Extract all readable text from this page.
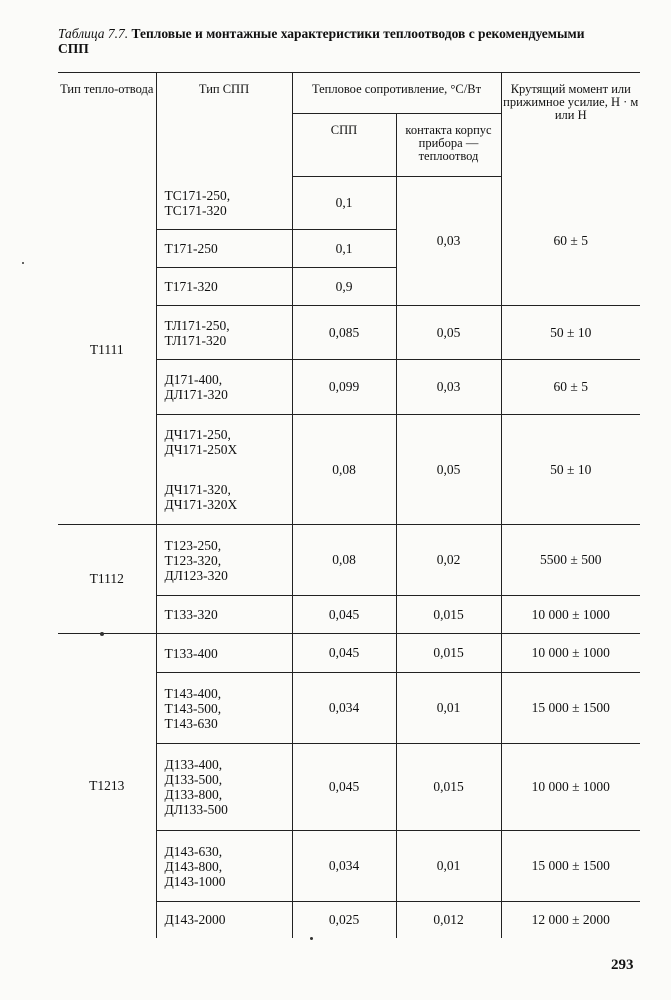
Таблица 7.7. Тепловые и монтажные характеристики теплоотводов с рекомендуемыми СПП
Тип тепло-отвода	Тип СПП	Тепловое сопротивление, °С/Вт		Крутящий момент или прижимное усилие, Н · м или Н
		СПП	контакта корпус прибора — теплоотвод	
Т1111	ТС171-250,
ТС171-320	0,1	0,03	60 ± 5
	Т171-250	0,1		
	Т171-320	0,9		
	ТЛ171-250,
ТЛ171-320	0,085	0,05	50 ± 10
	Д171-400,
ДЛ171-320	0,099	0,03	60 ± 5
	ДЧ171-250,
ДЧ171-250Х	0,08	0,05	50 ± 10
	ДЧ171-320,
ДЧ171-320Х			
Т1112	Т123-250,
Т123-320,
ДЛ123-320	0,08	0,02	5500 ± 500
	Т133-320	0,045	0,015	10 000 ± 1000
Т1213	Т133-400	0,045	0,015	10 000 ± 1000
	Т143-400,
Т143-500,
Т143-630	0,034	0,01	15 000 ± 1500
	Д133-400,
Д133-500,
Д133-800,
ДЛ133-500	0,045	0,015	10 000 ± 1000
	Д143-630,
Д143-800,
Д143-1000	0,034	0,01	15 000 ± 1500
	Д143-2000	0,025	0,012	12 000 ± 2000
293
